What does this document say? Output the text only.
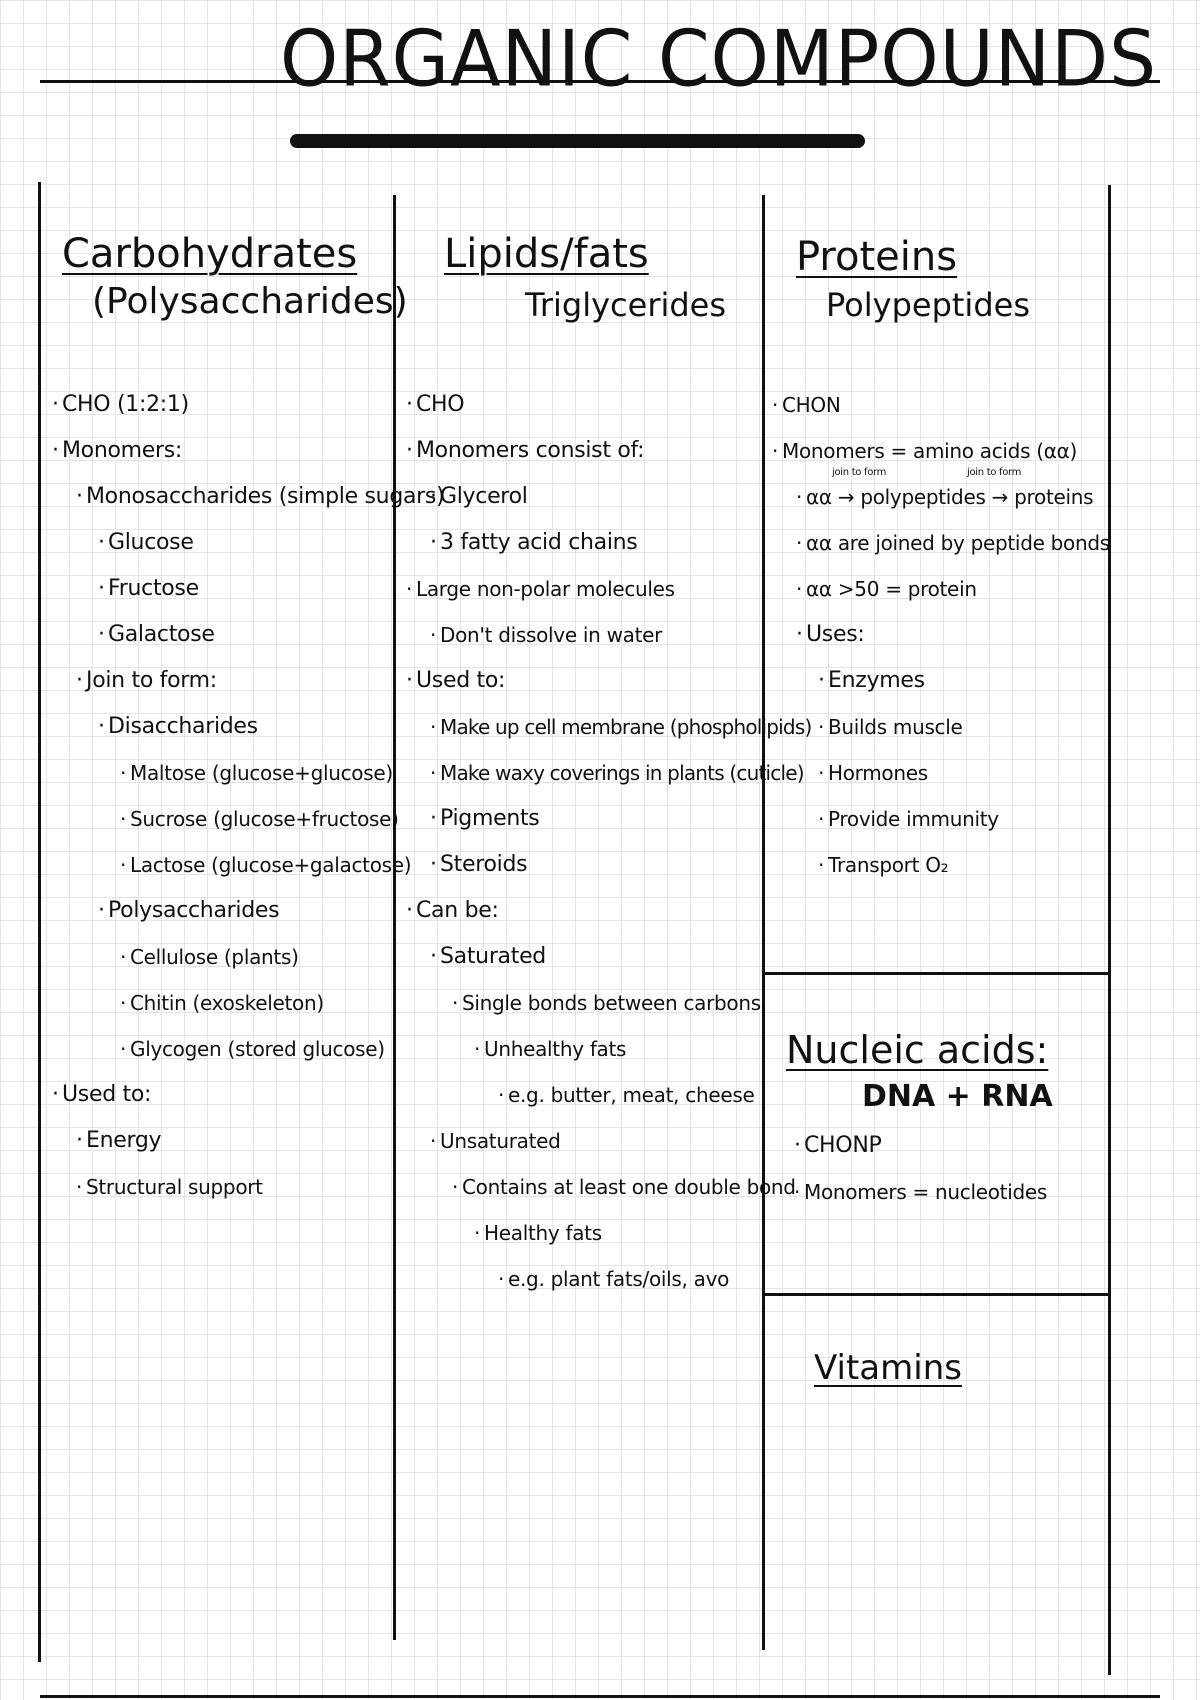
ORGANIC COMPOUNDS
Carbohydrates
(Polysaccharides)
· CHO (1:2:1)
· Monomers:
· Monosaccharides (simple sugars)
· Glucose
· Fructose
· Galactose
· Join to form:
· Disaccharides
· Maltose (glucose+glucose)
· Sucrose (glucose+fructose)
· Lactose (glucose+galactose)
· Polysaccharides
· Cellulose (plants)
· Chitin (exoskeleton)
· Glycogen (stored glucose)
· Used to:
· Energy
· Structural support
Lipids/fats
Triglycerides
· CHO
· Monomers consist of:
· Glycerol
· 3 fatty acid chains
· Large non-polar molecules
· Don't dissolve in water
· Used to:
· Make up cell membrane (phospholipids)
· Make waxy coverings in plants (cuticle)
· Pigments
· Steroids
· Can be:
· Saturated
· Single bonds between carbons
· Unhealthy fats
· e.g. butter, meat, cheese
· Unsaturated
· Contains at least one double bond
· Healthy fats
· e.g. plant fats/oils, avo
Proteins
Polypeptides
· CHON
· Monomers = amino acids (αα)
· join to form	join to form
αα → polypeptides → proteins
· αα are joined by peptide bonds
· αα >50 = protein
· Uses:
· Enzymes
· Builds muscle
· Hormones
· Provide immunity
· Transport O₂
Nucleic acids:
DNA + RNA
· CHONP
· Monomers = nucleotides
Vitamins
